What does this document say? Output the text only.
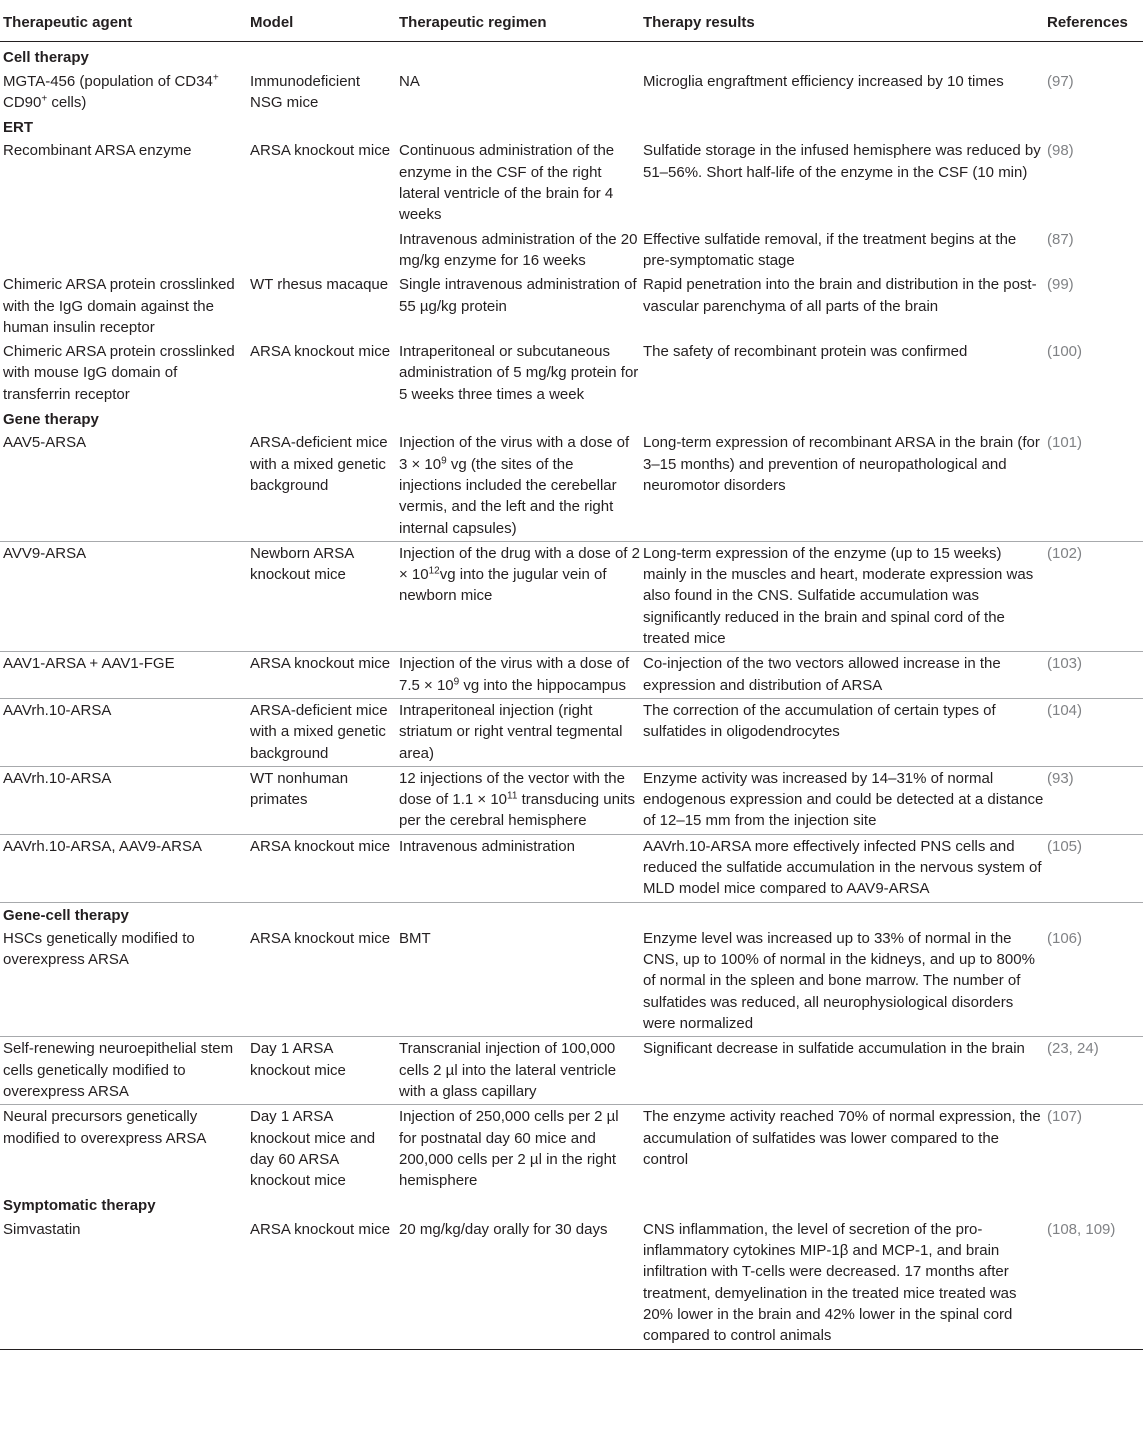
Therapeutic agent	Model	Therapeutic regimen	Therapy results	References
Cell therapy				
MGTA-456 (population of CD34+ CD90+ cells)	Immunodeficient NSG mice	NA	Microglia engraftment efficiency increased by 10 times	(97)
ERT				
Recombinant ARSA enzyme	ARSA knockout mice	Continuous administration of the enzyme in the CSF of the right lateral ventricle of the brain for 4 weeks	Sulfatide storage in the infused hemisphere was reduced by 51–56%. Short half-life of the enzyme in the CSF (10 min)	(98)
		Intravenous administration of the 20 mg/kg enzyme for 16 weeks	Effective sulfatide removal, if the treatment begins at the pre-symptomatic stage	(87)
Chimeric ARSA protein crosslinked with the IgG domain against the human insulin receptor	WT rhesus macaque	Single intravenous administration of 55 µg/kg protein	Rapid penetration into the brain and distribution in the post-vascular parenchyma of all parts of the brain	(99)
Chimeric ARSA protein crosslinked with mouse IgG domain of transferrin receptor	ARSA knockout mice	Intraperitoneal or subcutaneous administration of 5 mg/kg protein for 5 weeks three times a week	The safety of recombinant protein was confirmed	(100)
Gene therapy				
AAV5-ARSA	ARSA-deficient mice with a mixed genetic background	Injection of the virus with a dose of $3 \times 10^9$ vg (the sites of the injections included the cerebellar vermis, and the left and the right internal capsules)	Long-term expression of recombinant ARSA in the brain (for 3–15 months) and prevention of neuropathological and neuromotor disorders	(101)
AVV9-ARSA	Newborn ARSA knockout mice	Injection of the drug with a dose of $2 \times 10^{12}vg$ into the jugular vein of newborn mice	Long-term expression of the enzyme (up to 15 weeks) mainly in the muscles and heart, moderate expression was also found in the CNS. Sulfatide accumulation was significantly reduced in the brain and spinal cord of the treated mice	(102)
AAV1-ARSA + AAV1-FGE	ARSA knockout mice	Injection of the virus with a dose of $7.5 \times 10^9$ vg into the hippocampus	Co-injection of the two vectors allowed increase in the expression and distribution of ARSA	(103)
AAVrh.10-ARSA	ARSA-deficient mice with a mixed genetic background	Intraperitoneal injection (right striatum or right ventral tegmental area)	The correction of the accumulation of certain types of sulfatides in oligodendrocytes	(104)
AAVrh.10-ARSA	WT nonhuman primates	12 injections of the vector with the dose of $1.1 \times 10^{11}$ transducing units per the cerebral hemisphere	Enzyme activity was increased by 14–31% of normal endogenous expression and could be detected at a distance of 12–15 mm from the injection site	(93)
AAVrh.10-ARSA, AAV9-ARSA	ARSA knockout mice	Intravenous administration	AAVrh.10-ARSA more effectively infected PNS cells and reduced the sulfatide accumulation in the nervous system of MLD model mice compared to AAV9-ARSA	(105)
Gene-cell therapy				
HSCs genetically modified to overexpress ARSA	ARSA knockout mice	BMT	Enzyme level was increased up to 33% of normal in the CNS, up to 100% of normal in the kidneys, and up to 800% of normal in the spleen and bone marrow. The number of sulfatides was reduced, all neurophysiological disorders were normalized	(106)
Self-renewing neuroepithelial stem cells genetically modified to overexpress ARSA	Day 1 ARSA knockout mice	Transcranial injection of 100,000 cells 2 µl into the lateral ventricle with a glass capillary	Significant decrease in sulfatide accumulation in the brain	(23, 24)
Neural precursors genetically modified to overexpress ARSA	Day 1 ARSA knockout mice and day 60 ARSA knockout mice	Injection of 250,000 cells per 2 µl for postnatal day 60 mice and 200,000 cells per 2 µl in the right hemisphere	The enzyme activity reached 70% of normal expression, the accumulation of sulfatides was lower compared to the control	(107)
Symptomatic therapy				
Simvastatin	ARSA knockout mice	20 mg/kg/day orally for 30 days	CNS inflammation, the level of secretion of the pro-inflammatory cytokines MIP-1β and MCP-1, and brain infiltration with T-cells were decreased. 17 months after treatment, demyelination in the treated mice treated was 20% lower in the brain and 42% lower in the spinal cord compared to control animals	(108, 109)
